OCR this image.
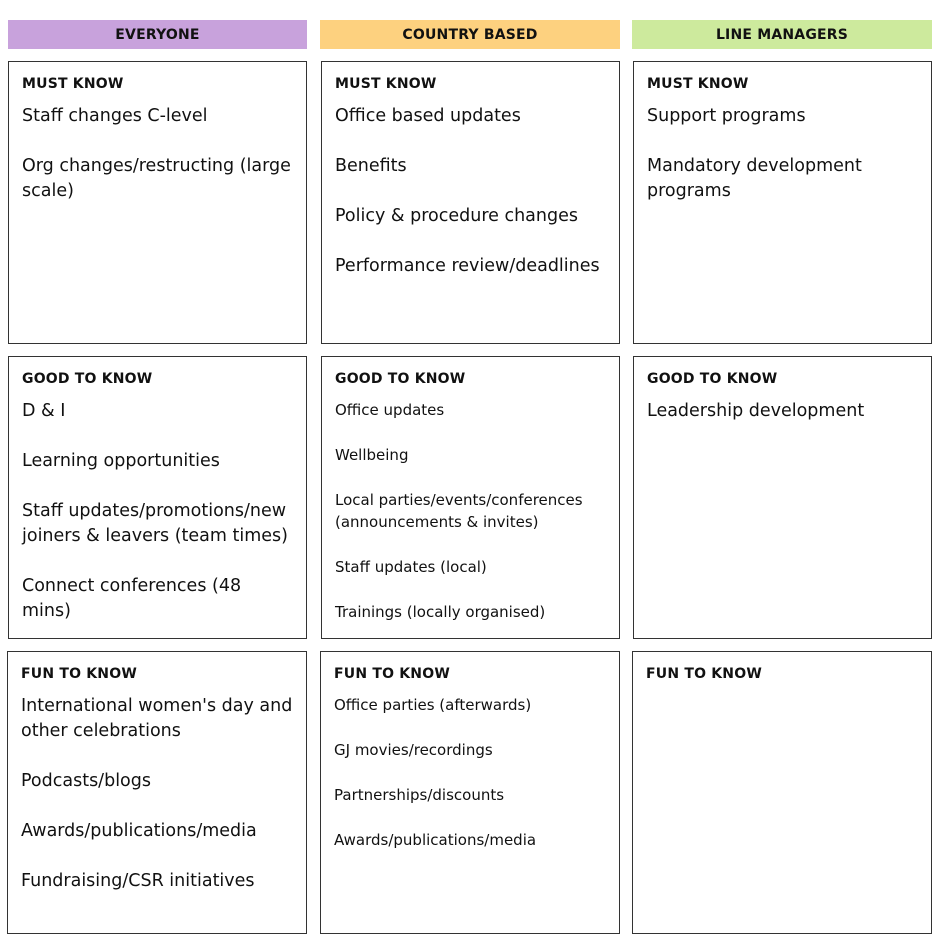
EVERYONE	COUNTRY BASED	LINE MANAGERS
MUST KNOW
Staff changes C-level
Org changes/restructing (large scale)
MUST KNOW
Office based updates
Benefits
Policy & procedure changes
Performance review/deadlines
MUST KNOW
Support programs
Mandatory development programs
GOOD TO KNOW
D & I
Learning opportunities
Staff updates/promotions/new joiners & leavers (team times)
Connect conferences (48 mins)
GOOD TO KNOW
Office updates
Wellbeing
Local parties/events/conferences (announcements & invites)
Staff updates (local)
Trainings (locally organised)
GOOD TO KNOW
Leadership development
FUN TO KNOW
International women's day and other celebrations
Podcasts/blogs
Awards/publications/media
Fundraising/CSR initiatives
FUN TO KNOW
Office parties (afterwards)
GJ movies/recordings
Partnerships/discounts
Awards/publications/media
FUN TO KNOW
